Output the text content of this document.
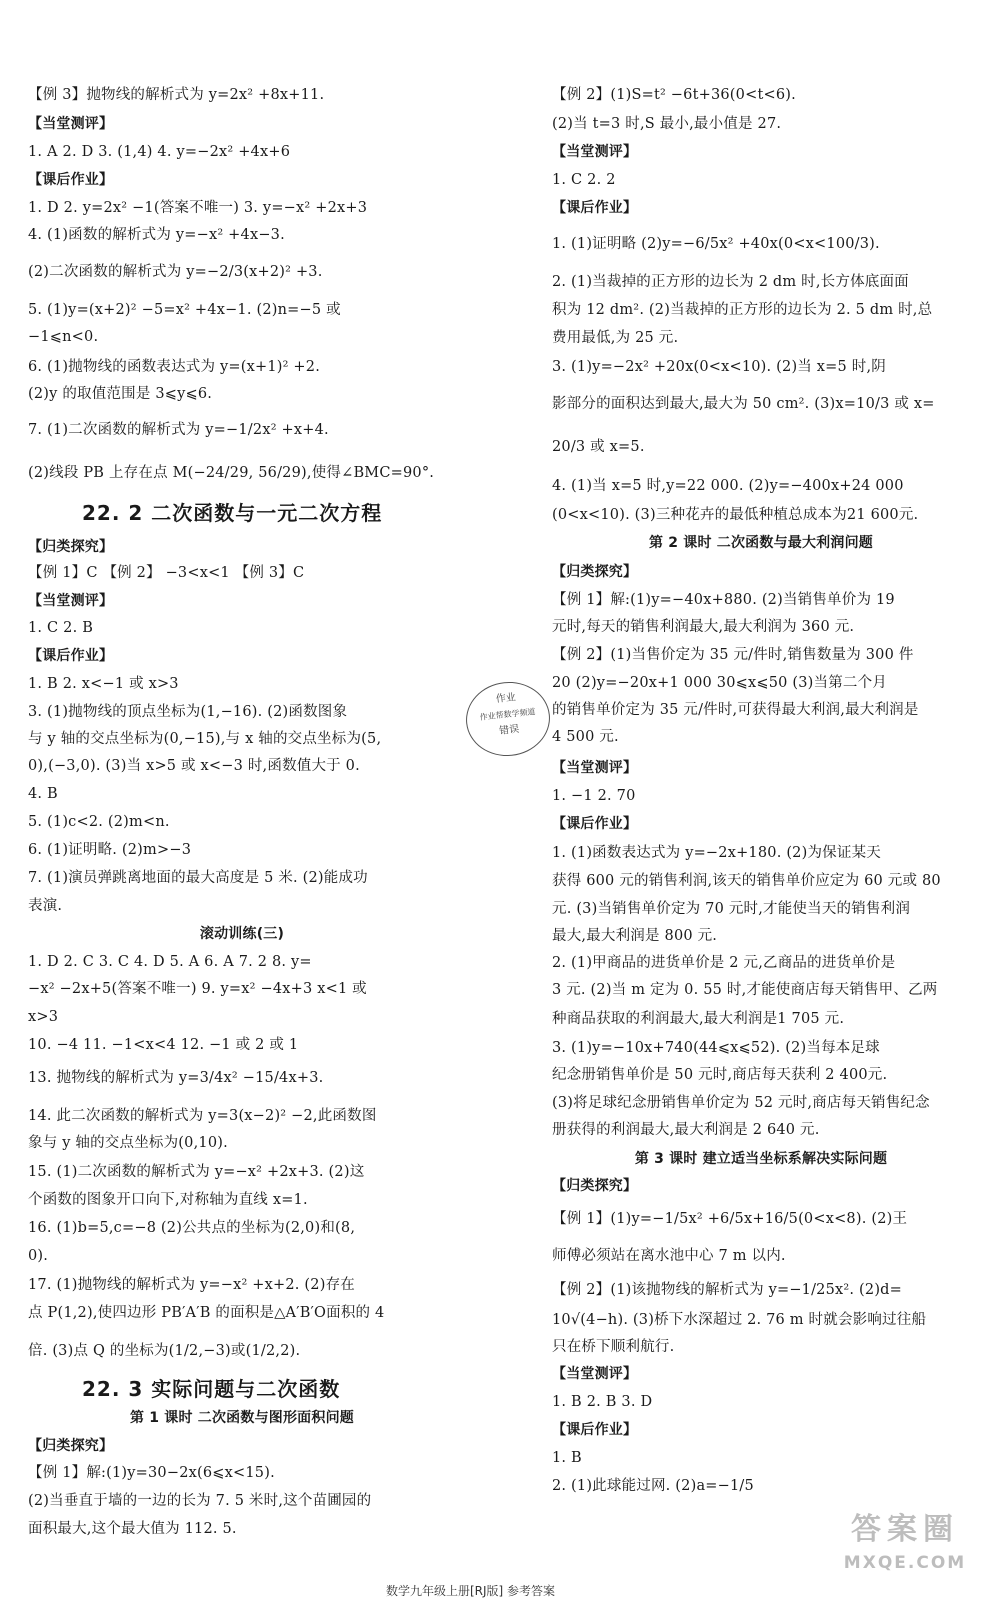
【例 3】抛物线的解析式为 y=2x² +8x+11.
【当堂测评】
1. A 2. D 3. (1,4) 4. y=−2x² +4x+6
【课后作业】
1. D 2. y=2x² −1(答案不唯一) 3. y=−x² +2x+3
4. (1)函数的解析式为 y=−x² +4x−3.
(2)二次函数的解析式为 y=−2/3(x+2)² +3.
5. (1)y=(x+2)² −5=x² +4x−1. (2)n=−5 或
−1⩽n<0.
6. (1)抛物线的函数表达式为 y=(x+1)² +2.
(2)y 的取值范围是 3⩽y⩽6.
7. (1)二次函数的解析式为 y=−1/2x² +x+4.
(2)线段 PB 上存在点 M(−24/29, 56/29),使得∠BMC=90°.
22. 2 二次函数与一元二次方程
【归类探究】
【例 1】C 【例 2】 −3<x<1 【例 3】C
【当堂测评】
1. C 2. B
【课后作业】
1. B 2. x<−1 或 x>3
3. (1)抛物线的顶点坐标为(1,−16). (2)函数图象
与 y 轴的交点坐标为(0,−15),与 x 轴的交点坐标为(5,
0),(−3,0). (3)当 x>5 或 x<−3 时,函数值大于 0.
4. B
5. (1)c<2. (2)m<n.
6. (1)证明略. (2)m>−3
7. (1)演员弹跳离地面的最大高度是 5 米. (2)能成功
表演.
滚动训练(三)
1. D 2. C 3. C 4. D 5. A 6. A 7. 2 8. y=
−x² −2x+5(答案不唯一) 9. y=x² −4x+3 x<1 或
x>3
10. −4 11. −1<x<4 12. −1 或 2 或 1
13. 抛物线的解析式为 y=3/4x² −15/4x+3.
14. 此二次函数的解析式为 y=3(x−2)² −2,此函数图
象与 y 轴的交点坐标为(0,10).
15. (1)二次函数的解析式为 y=−x² +2x+3. (2)这
个函数的图象开口向下,对称轴为直线 x=1.
16. (1)b=5,c=−8 (2)公共点的坐标为(2,0)和(8,
0).
17. (1)抛物线的解析式为 y=−x² +x+2. (2)存在
点 P(1,2),使四边形 PB′A′B 的面积是△A′B′O面积的 4
倍. (3)点 Q 的坐标为(1/2,−3)或(1/2,2).
22. 3 实际问题与二次函数
第 1 课时 二次函数与图形面积问题
【归类探究】
【例 1】解:(1)y=30−2x(6⩽x<15).
(2)当垂直于墙的一边的长为 7. 5 米时,这个苗圃园的
面积最大,这个最大值为 112. 5.
【例 2】(1)S=t² −6t+36(0<t<6).
(2)当 t=3 时,S 最小,最小值是 27.
【当堂测评】
1. C 2. 2
【课后作业】
1. (1)证明略 (2)y=−6/5x² +40x(0<x<100/3).
2. (1)当裁掉的正方形的边长为 2 dm 时,长方体底面面
积为 12 dm². (2)当裁掉的正方形的边长为 2. 5 dm 时,总
费用最低,为 25 元.
3. (1)y=−2x² +20x(0<x<10). (2)当 x=5 时,阴
影部分的面积达到最大,最大为 50 cm². (3)x=10/3 或 x=
20/3 或 x=5.
4. (1)当 x=5 时,y=22 000. (2)y=−400x+24 000
(0<x<10). (3)三种花卉的最低种植总成本为21 600元.
第 2 课时 二次函数与最大利润问题
【归类探究】
【例 1】解:(1)y=−40x+880. (2)当销售单价为 19
元时,每天的销售利润最大,最大利润为 360 元.
【例 2】(1)当售价定为 35 元/件时,销售数量为 300 件
20 (2)y=−20x+1 000 30⩽x⩽50 (3)当第二个月
的销售单价定为 35 元/件时,可获得最大利润,最大利润是
4 500 元.
【当堂测评】
1. −1 2. 70
【课后作业】
1. (1)函数表达式为 y=−2x+180. (2)为保证某天
获得 600 元的销售利润,该天的销售单价应定为 60 元或 80
元. (3)当销售单价定为 70 元时,才能使当天的销售利润
最大,最大利润是 800 元.
2. (1)甲商品的进货单价是 2 元,乙商品的进货单价是
3 元. (2)当 m 定为 0. 55 时,才能使商店每天销售甲、乙两
种商品获取的利润最大,最大利润是1 705 元.
3. (1)y=−10x+740(44⩽x⩽52). (2)当每本足球
纪念册销售单价是 50 元时,商店每天获利 2 400元.
(3)将足球纪念册销售单价定为 52 元时,商店每天销售纪念
册获得的利润最大,最大利润是 2 640 元.
第 3 课时 建立适当坐标系解决实际问题
【归类探究】
【例 1】(1)y=−1/5x² +6/5x+16/5(0<x<8). (2)王
师傅必须站在离水池中心 7 m 以内.
【例 2】(1)该抛物线的解析式为 y=−1/25x². (2)d=
10√(4−h). (3)桥下水深超过 2. 76 m 时就会影响过往船
只在桥下顺利航行.
【当堂测评】
1. B 2. B 3. D
【课后作业】
1. B
2. (1)此球能过网. (2)a=−1/5
作业
作业帮数学频道
错误
答案圈
MXQE.COM
数学九年级上册[RJ版] 参考答案
